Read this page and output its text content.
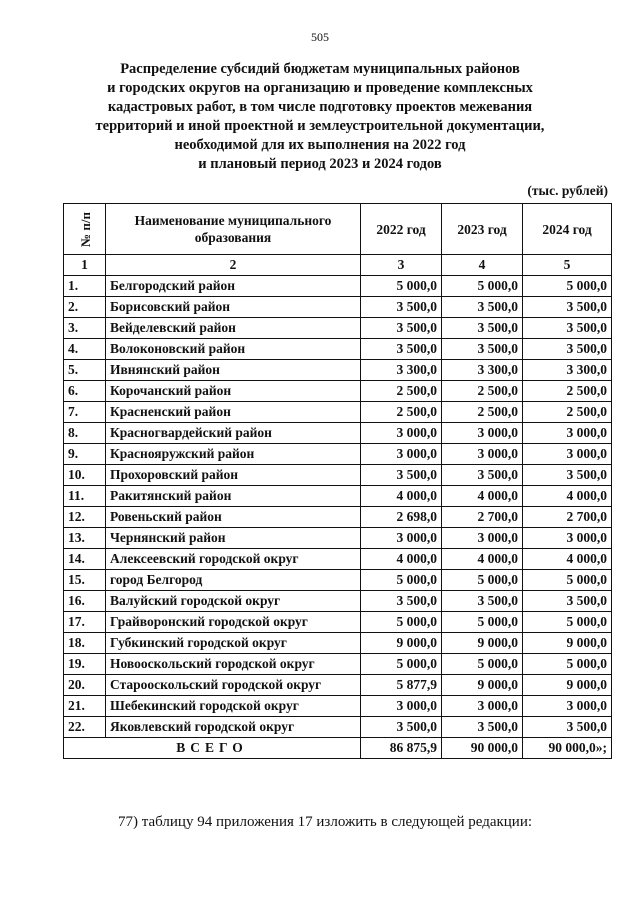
505
Распределение субсидий бюджетам муниципальных районов
и городских округов на организацию и проведение комплексных
кадастровых работ, в том числе подготовку проектов межевания
территорий и иной проектной и землеустроительной документации,
необходимой для их выполнения на 2022 год
и плановый период 2023 и 2024 годов
(тыс. рублей)
№ п/п	Наименование муниципального образования	2022 год	2023 год	2024 год
1	2	3	4	5
1.	Белгородский район	5 000,0	5 000,0	5 000,0
2.	Борисовский район	3 500,0	3 500,0	3 500,0
3.	Вейделевский район	3 500,0	3 500,0	3 500,0
4.	Волоконовский район	3 500,0	3 500,0	3 500,0
5.	Ивнянский район	3 300,0	3 300,0	3 300,0
6.	Корочанский район	2 500,0	2 500,0	2 500,0
7.	Красненский район	2 500,0	2 500,0	2 500,0
8.	Красногвардейский район	3 000,0	3 000,0	3 000,0
9.	Краснояружский район	3 000,0	3 000,0	3 000,0
10.	Прохоровский район	3 500,0	3 500,0	3 500,0
11.	Ракитянский район	4 000,0	4 000,0	4 000,0
12.	Ровеньский район	2 698,0	2 700,0	2 700,0
13.	Чернянский район	3 000,0	3 000,0	3 000,0
14.	Алексеевский городской округ	4 000,0	4 000,0	4 000,0
15.	город Белгород	5 000,0	5 000,0	5 000,0
16.	Валуйский городской округ	3 500,0	3 500,0	3 500,0
17.	Грайворонский городской округ	5 000,0	5 000,0	5 000,0
18.	Губкинский городской округ	9 000,0	9 000,0	9 000,0
19.	Новооскольский городской округ	5 000,0	5 000,0	5 000,0
20.	Старооскольский городской округ	5 877,9	9 000,0	9 000,0
21.	Шебекинский городской округ	3 000,0	3 000,0	3 000,0
22.	Яковлевский городской округ	3 500,0	3 500,0	3 500,0
ВСЕГО		86 875,9	90 000,0	90 000,0»;
77) таблицу 94 приложения 17 изложить в следующей редакции:
